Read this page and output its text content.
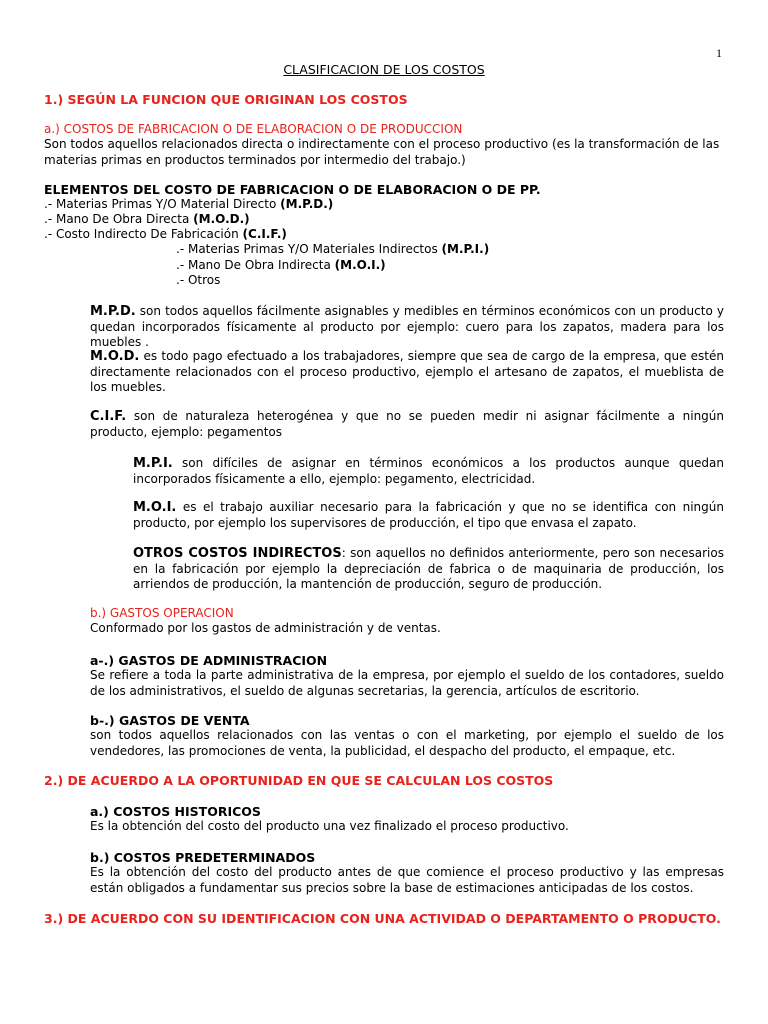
1
CLASIFICACION DE LOS COSTOS
1.) SEGÚN LA FUNCION QUE ORIGINAN LOS COSTOS
a.) COSTOS DE FABRICACION O DE ELABORACION O DE PRODUCCION

Son todos aquellos relacionados directa o indirectamente con el proceso productivo (es la transformación de las materias primas en productos terminados por intermedio del trabajo.)

ELEMENTOS DEL COSTO DE FABRICACION O DE ELABORACION O DE PP.
.- Materias Primas Y/O Material Directo (M.P.D.)
.- Mano De Obra Directa (M.O.D.)
.- Costo Indirecto De Fabricación (C.I.F.)
.- Materias Primas Y/O Materiales Indirectos (M.P.I.)
.- Mano De Obra Indirecta (M.O.I.)
.- Otros

M.P.D. son todos aquellos fácilmente asignables y medibles en términos económicos con un producto y quedan incorporados físicamente al producto por ejemplo: cuero para los zapatos, madera para los muebles .

M.O.D. es todo pago efectuado a los trabajadores, siempre que sea de cargo de la empresa, que estén directamente relacionados con el proceso productivo, ejemplo el artesano de zapatos, el mueblista de los muebles.

C.I.F. son de naturaleza heterogénea y que no se pueden medir ni asignar fácilmente a ningún producto, ejemplo: pegamentos

M.P.I. son difíciles de asignar en términos económicos a los productos aunque quedan incorporados físicamente a ello, ejemplo: pegamento, electricidad.

M.O.I. es el trabajo auxiliar necesario para la fabricación y que no se identifica con ningún producto, por ejemplo los supervisores de producción, el tipo que envasa el zapato.

OTROS COSTOS INDIRECTOS: son aquellos no definidos anteriormente, pero son necesarios en la fabricación por ejemplo la depreciación de fabrica o de maquinaria de producción, los arriendos de producción, la mantención de producción, seguro de producción.

b.) GASTOS OPERACION
Conformado por los gastos de administración y de ventas.
a-.) GASTOS DE ADMINISTRACION

Se refiere a toda la parte administrativa de la empresa, por ejemplo el sueldo de los contadores, sueldo de los administrativos, el sueldo de algunas secretarias, la gerencia, artículos de escritorio.

b-.) GASTOS DE VENTA

son todos aquellos relacionados con las ventas o con el marketing, por ejemplo el sueldo de los vendedores, las promociones de venta, la publicidad, el despacho del producto, el empaque, etc.

2.) DE ACUERDO A LA OPORTUNIDAD EN QUE SE CALCULAN LOS COSTOS
a.) COSTOS HISTORICOS
Es la obtención del costo del producto una vez finalizado el proceso productivo.
b.) COSTOS PREDETERMINADOS

Es la obtención del costo del producto antes de que comience el proceso productivo y las empresas están obligados a fundamentar sus precios sobre la base de estimaciones anticipadas de los costos.

3.) DE ACUERDO CON SU IDENTIFICACION CON UNA ACTIVIDAD O DEPARTAMENTO O PRODUCTO.
